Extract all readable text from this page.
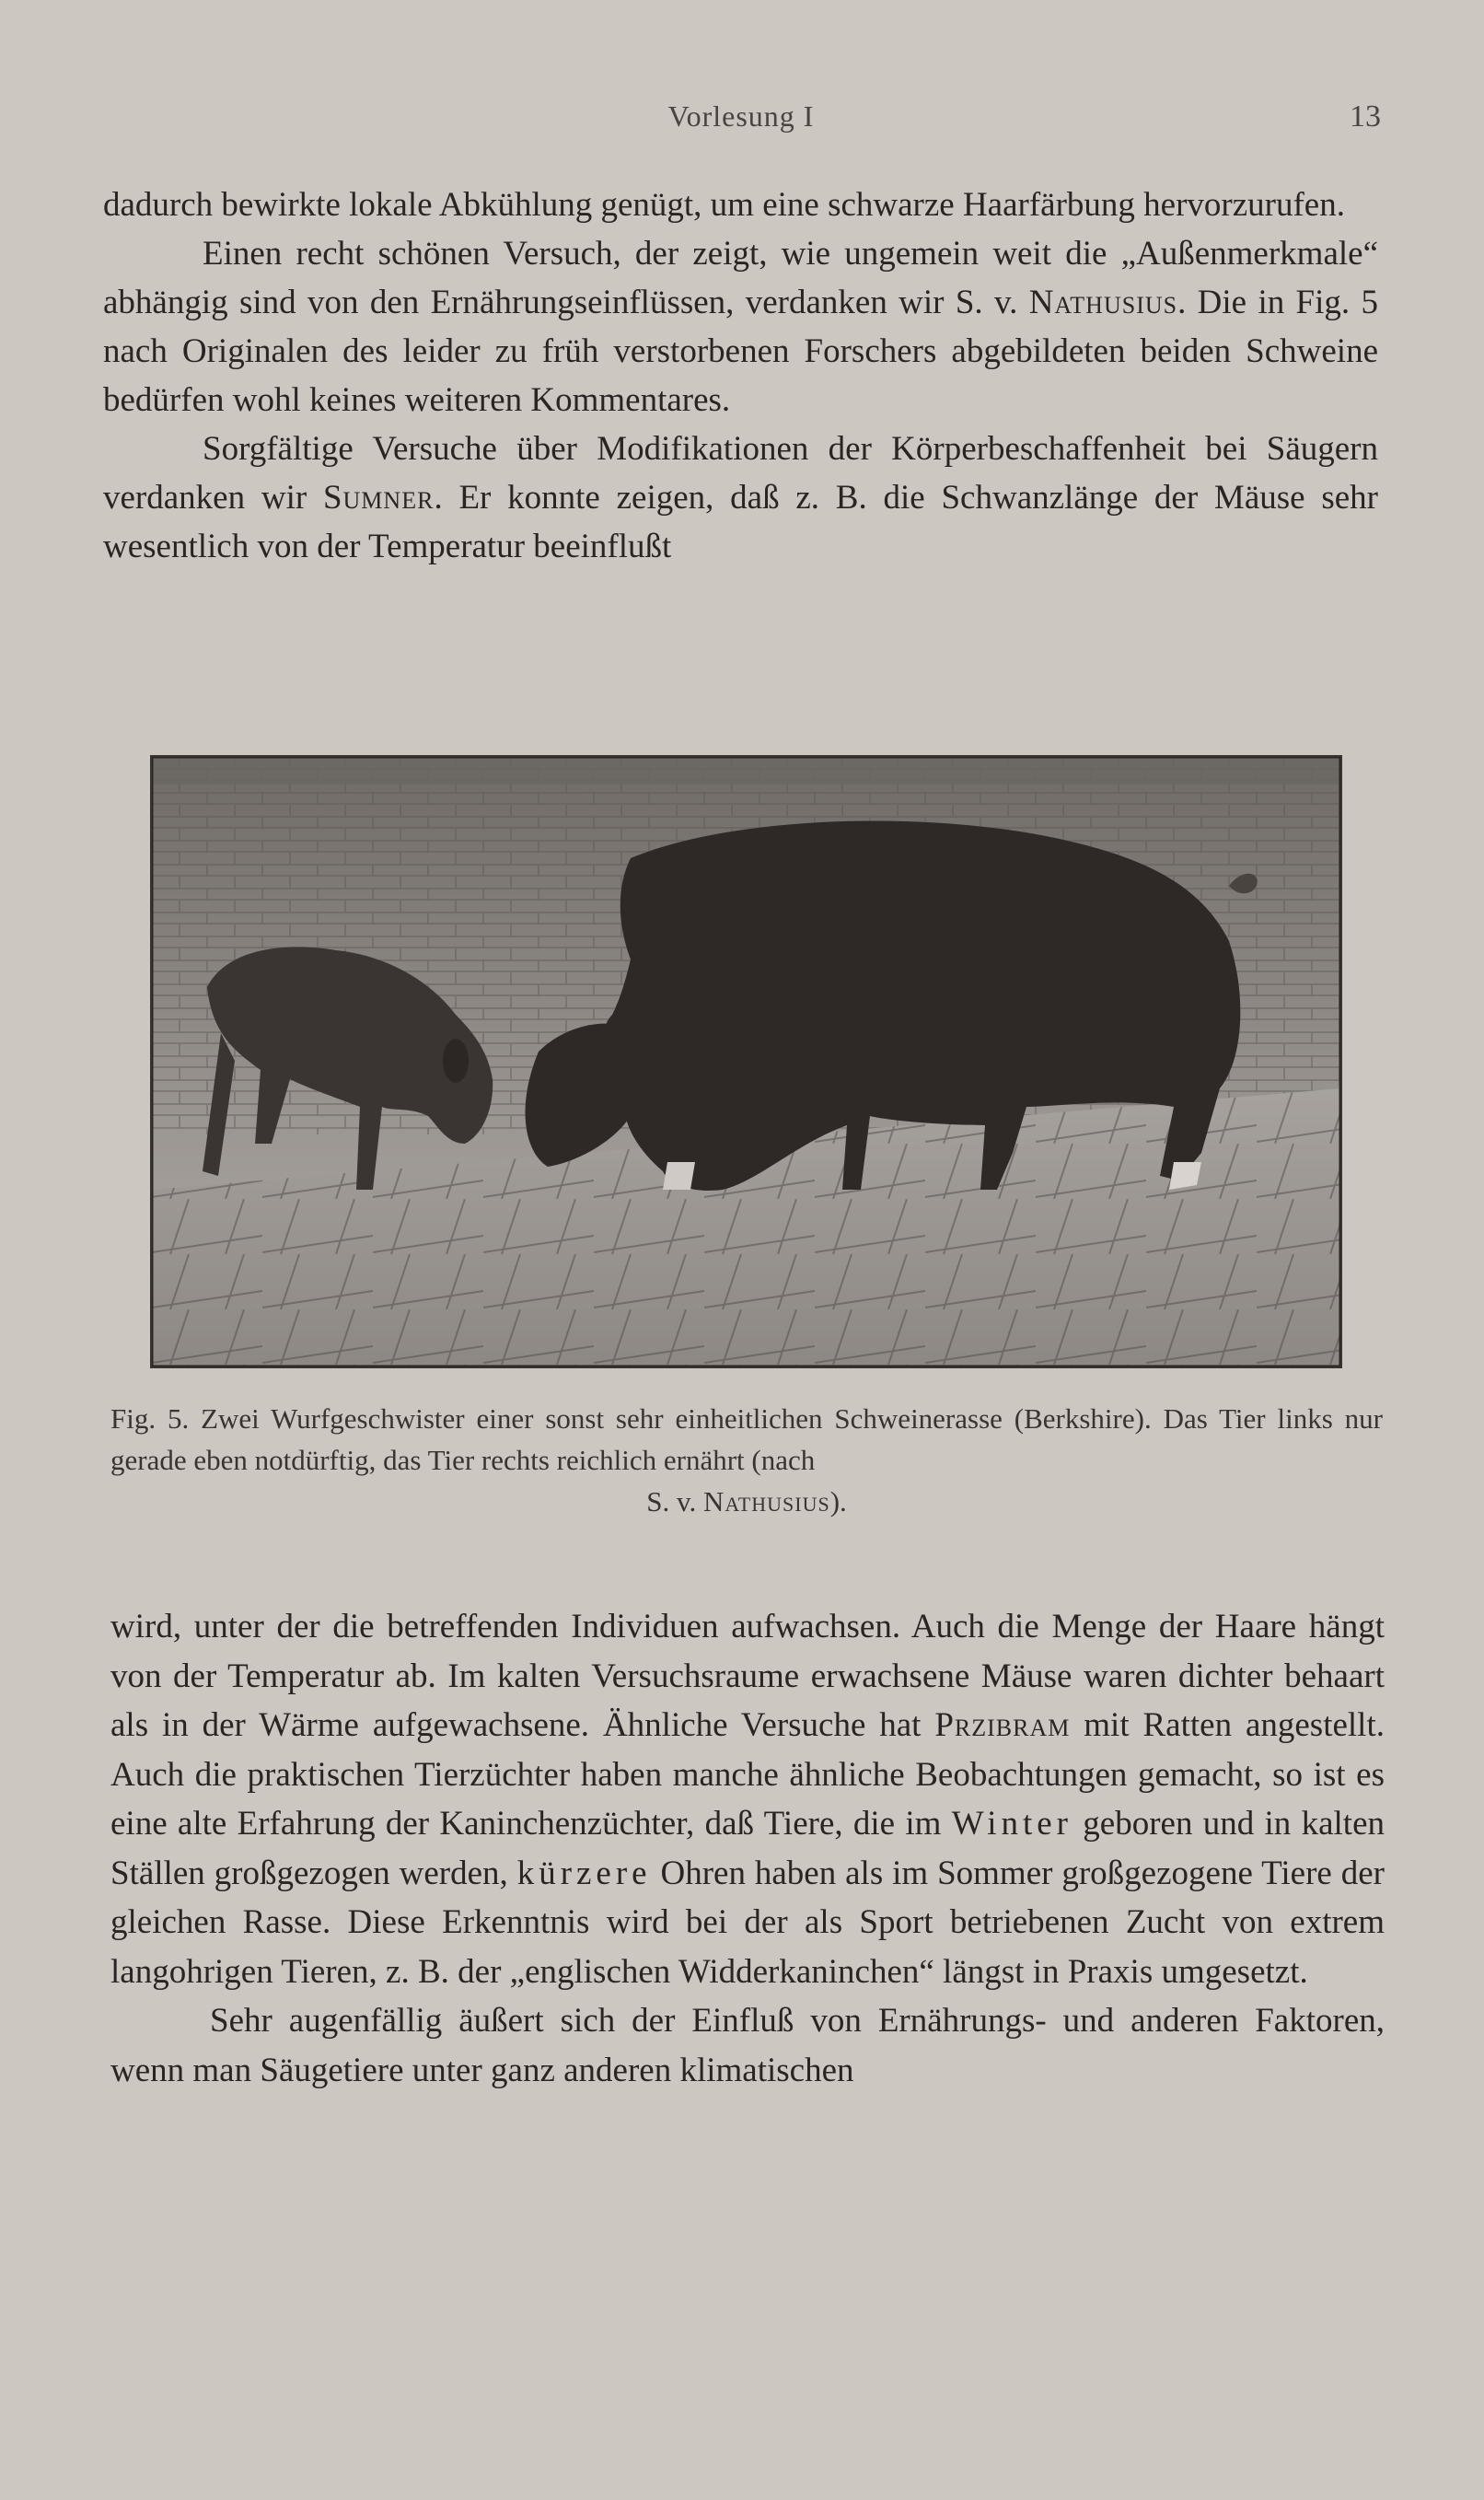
Vorlesung I	13

dadurch bewirkte lokale Abkühlung genügt, um eine schwarze Haarfärbung hervorzurufen.

Einen recht schönen Versuch, der zeigt, wie ungemein weit die „Außenmerkmale“ abhängig sind von den Ernährungseinflüssen, verdanken wir S. v. Nathusius. Die in Fig. 5 nach Originalen des leider zu früh verstorbenen Forschers abgebildeten beiden Schweine bedürfen wohl keines weiteren Kommentares.

Sorgfältige Versuche über Modifikationen der Körperbeschaffenheit bei Säugern verdanken wir Sumner. Er konnte zeigen, daß z. B. die Schwanzlänge der Mäuse sehr wesentlich von der Temperatur beeinflußt

Fig. 5. Zwei Wurfgeschwister einer sonst sehr einheitlichen Schweinerasse (Berkshire). Das Tier links nur gerade eben notdürftig, das Tier rechts reichlich ernährt (nach
S. v. Nathusius).

wird, unter der die betreffenden Individuen aufwachsen. Auch die Menge der Haare hängt von der Temperatur ab. Im kalten Versuchsraume erwachsene Mäuse waren dichter behaart als in der Wärme aufgewachsene. Ähnliche Versuche hat Przibram mit Ratten angestellt. Auch die praktischen Tierzüchter haben manche ähnliche Beobachtungen gemacht, so ist es eine alte Erfahrung der Kaninchenzüchter, daß Tiere, die im Winter geboren und in kalten Ställen großgezogen werden, kürzere Ohren haben als im Sommer großgezogene Tiere der gleichen Rasse. Diese Erkenntnis wird bei der als Sport betriebenen Zucht von extrem langohrigen Tieren, z. B. der „englischen Widderkaninchen“ längst in Praxis umgesetzt.

Sehr augenfällig äußert sich der Einfluß von Ernährungs- und anderen Faktoren, wenn man Säugetiere unter ganz anderen klimatischen
